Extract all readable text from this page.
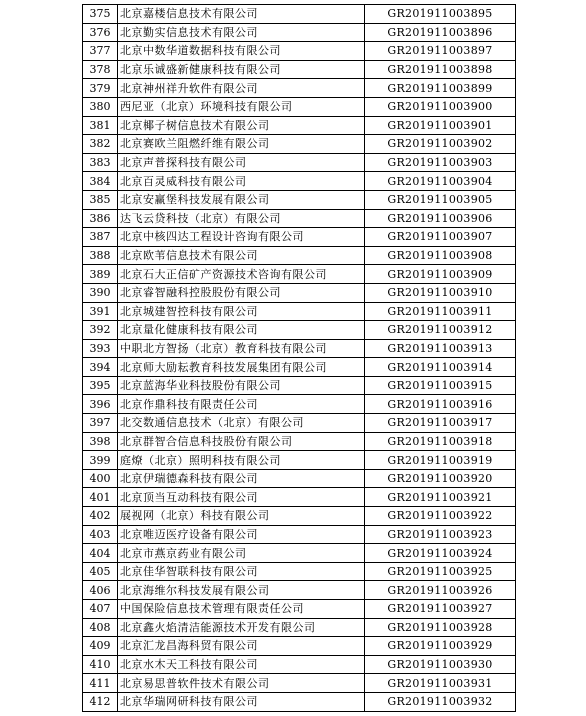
375	北京嘉楼信息技术有限公司	GR201911003895
376	北京勤实信息技术有限公司	GR201911003896
377	北京中数华道数据科技有限公司	GR201911003897
378	北京乐诚盛新健康科技有限公司	GR201911003898
379	北京神州祥升软件有限公司	GR201911003899
380	西尼亚（北京）环境科技有限公司	GR201911003900
381	北京椰子树信息技术有限公司	GR201911003901
382	北京赛欧兰阻燃纤维有限公司	GR201911003902
383	北京声普探科技有限公司	GR201911003903
384	北京百灵威科技有限公司	GR201911003904
385	北京安赢堡科技发展有限公司	GR201911003905
386	达飞云贷科技（北京）有限公司	GR201911003906
387	北京中核四达工程设计咨询有限公司	GR201911003907
388	北京欧苇信息技术有限公司	GR201911003908
389	北京石大正信矿产资源技术咨询有限公司	GR201911003909
390	北京睿智融科控股股份有限公司	GR201911003910
391	北京城建智控科技有限公司	GR201911003911
392	北京量化健康科技有限公司	GR201911003912
393	中职北方智扬（北京）教育科技有限公司	GR201911003913
394	北京师大励耘教育科技发展集团有限公司	GR201911003914
395	北京蓝海华业科技股份有限公司	GR201911003915
396	北京作鼎科技有限责任公司	GR201911003916
397	北交数通信息技术（北京）有限公司	GR201911003917
398	北京群智合信息科技股份有限公司	GR201911003918
399	庭燎（北京）照明科技有限公司	GR201911003919
400	北京伊瑞德森科技有限公司	GR201911003920
401	北京顶当互动科技有限公司	GR201911003921
402	展视网（北京）科技有限公司	GR201911003922
403	北京唯迈医疗设备有限公司	GR201911003923
404	北京市燕京药业有限公司	GR201911003924
405	北京佳华智联科技有限公司	GR201911003925
406	北京海维尔科技发展有限公司	GR201911003926
407	中国保险信息技术管理有限责任公司	GR201911003927
408	北京鑫火焰清洁能源技术开发有限公司	GR201911003928
409	北京汇龙昌海科贸有限公司	GR201911003929
410	北京水木天工科技有限公司	GR201911003930
411	北京易思普软件技术有限公司	GR201911003931
412	北京华瑞网研科技有限公司	GR201911003932
